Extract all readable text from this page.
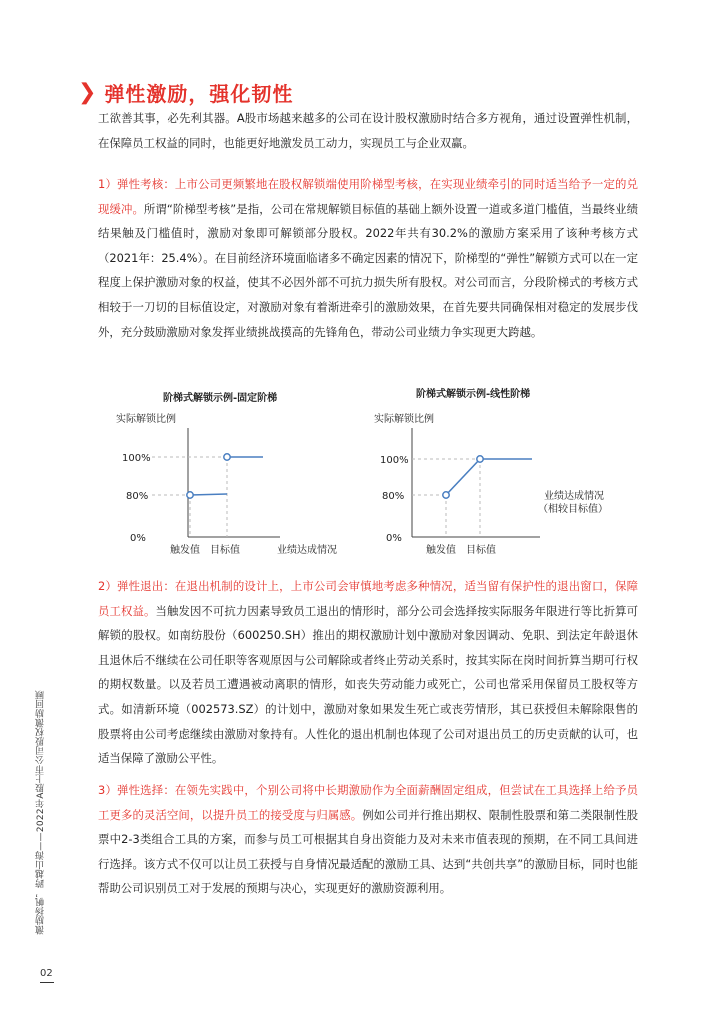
❯ 弹性激励，强化韧性

工欲善其事，必先利其器。A股市场越来越多的公司在设计股权激励时结合多方视角，通过设置弹性机制，在保障员工权益的同时，也能更好地激发员工动力，实现员工与企业双赢。

1）弹性考核：上市公司更频繁地在股权解锁端使用阶梯型考核，在实现业绩牵引的同时适当给予一定的兑现缓冲。所谓“阶梯型考核”是指，公司在常规解锁目标值的基础上额外设置一道或多道门槛值，当最终业绩结果触及门槛值时，激励对象即可解锁部分股权。2022年共有30.2%的激励方案采用了该种考核方式（2021年：25.4%）。在目前经济环境面临诸多不确定因素的情况下，阶梯型的“弹性”解锁方式可以在一定程度上保护激励对象的权益，使其不必因外部不可抗力损失所有股权。对公司而言，分段阶梯式的考核方式相较于一刀切的目标值设定，对激励对象有着渐进牵引的激励效果，在首先要共同确保相对稳定的发展步伐外，充分鼓励激励对象发挥业绩挑战摸高的先锋角色，带动公司业绩力争实现更大跨越。

阶梯式解锁示例-固定阶梯	阶梯式解锁示例-线性阶梯
实际解锁比例
100%
80%
0%
触发值 目标值	业绩达成情况
实际解锁比例
100%
80%
0%
触发值 目标值
业绩达成情况
（相较目标值）

2）弹性退出：在退出机制的设计上，上市公司会审慎地考虑多种情况，适当留有保护性的退出窗口，保障员工权益。当触发因不可抗力因素导致员工退出的情形时，部分公司会选择按实际服务年限进行等比折算可解锁的股权。如南纺股份（600250.SH）推出的期权激励计划中激励对象因调动、免职、到法定年龄退休且退休后不继续在公司任职等客观原因与公司解除或者终止劳动关系时，按其实际在岗时间折算当期可行权的期权数量。以及若员工遭遇被动离职的情形，如丧失劳动能力或死亡，公司也常采用保留员工股权等方式。如清新环境（002573.SZ）的计划中，激励对象如果发生死亡或丧劳情形，其已获授但未解除限售的股票将由公司考虑继续由激励对象持有。人性化的退出机制也体现了公司对退出员工的历史贡献的认可，也适当保障了激励公平性。

3）弹性选择：在领先实践中，个别公司将中长期激励作为全面薪酬固定组成，但尝试在工具选择上给予员工更多的灵活空间，以提升员工的接受度与归属感。例如公司并行推出期权、限制性股票和第二类限制性股票中2-3类组合工具的方案，而参与员工可根据其自身出资能力及对未来市值表现的预期，在不同工具间进行选择。该方式不仅可以让员工获授与自身情况最适配的激励工具、达到“共创共享”的激励目标，同时也能帮助公司识别员工对于发展的预期与决心，实现更好的激励资源利用。

激励扬帆，跨越山海——2022年A股上市公司股权激励回顾
02
